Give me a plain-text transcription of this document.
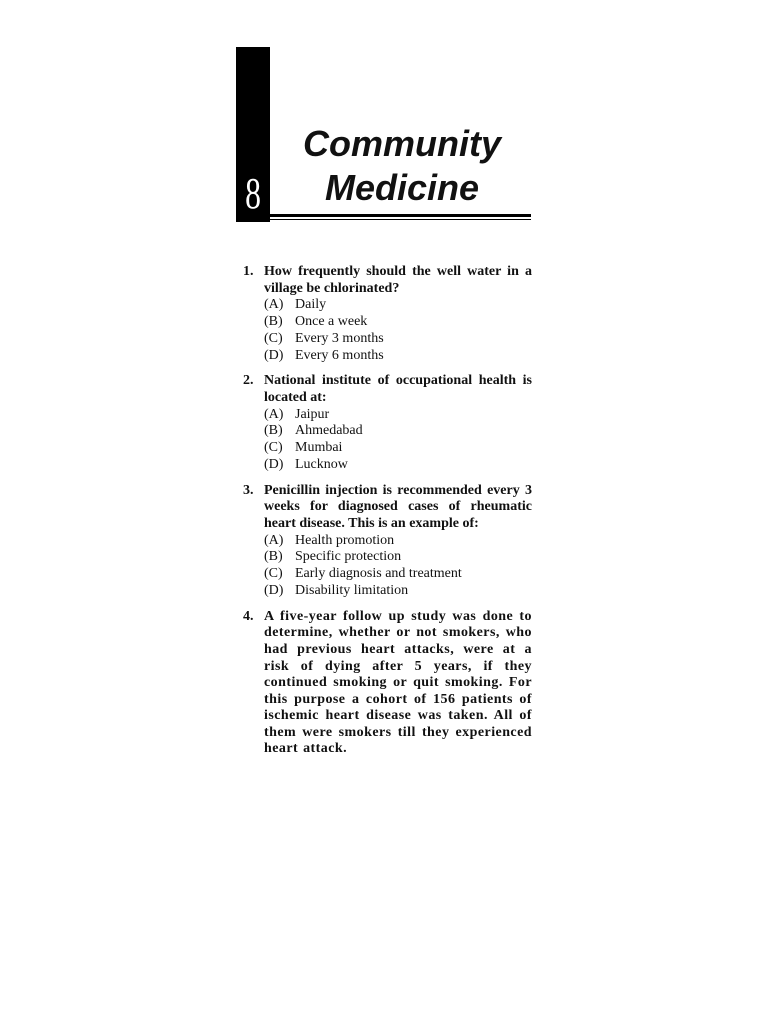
8
Community
Medicine
1. How frequently should the well water in a village be chlorinated?
(A) Daily
(B) Once a week
(C) Every 3 months
(D) Every 6 months
2. National institute of occupational health is located at:
(A) Jaipur
(B) Ahmedabad
(C) Mumbai
(D) Lucknow
3. Penicillin injection is recommended every 3 weeks for diagnosed cases of rheumatic heart disease. This is an example of:
(A) Health promotion
(B) Specific protection
(C) Early diagnosis and treatment
(D) Disability limitation
4. A five-year follow up study was done to determine, whether or not smokers, who had previous heart attacks, were at a risk of dying after 5 years, if they continued smoking or quit smoking. For this purpose a cohort of 156 patients of ischemic heart disease was taken. All of them were smokers till they experienced heart attack.
